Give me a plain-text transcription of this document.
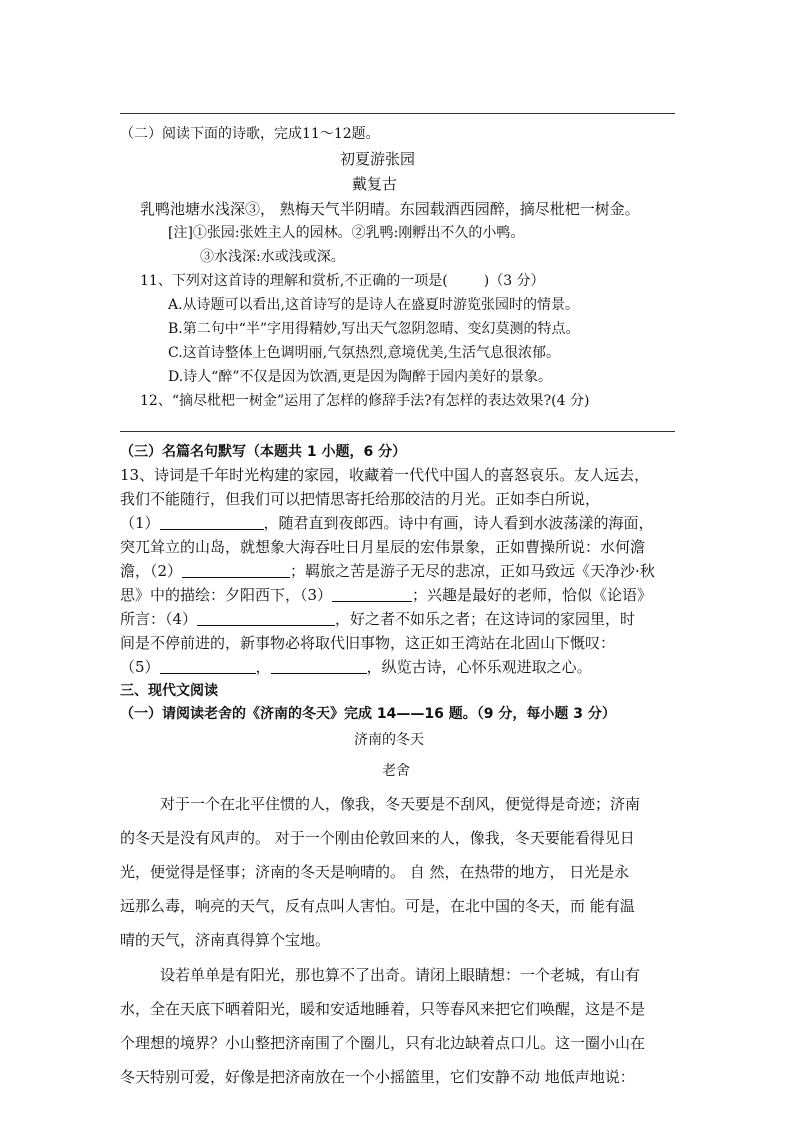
（二）阅读下面的诗歌，完成11～12题。
初夏游张园
戴复古
乳鸭池塘水浅深③， 熟梅天气半阴晴。东园载酒西园醉，摘尽枇杷一树金。
[注]①张园:张姓主人的园林。②乳鸭:刚孵出不久的小鸭。
③水浅深:水或浅或深。
11、下列对这首诗的理解和赏析,不正确的一项是(	)（3 分）
A.从诗题可以看出,这首诗写的是诗人在盛夏时游览张园时的情景。
B.第二句中“半”字用得精妙,写出天气忽阴忽晴、变幻莫测的特点。
C.这首诗整体上色调明丽,气氛热烈,意境优美,生活气息很浓郁。
D.诗人“醉”不仅是因为饮酒,更是因为陶醉于园内美好的景象。
12、“摘尽枇杷一树金”运用了怎样的修辞手法?有怎样的表达效果?(4 分)
（三）名篇名句默写（本题共 1 小题，6 分）
13、诗词是千年时光构建的家园，收藏着一代代中国人的喜怒哀乐。友人远去，
我们不能随行，但我们可以把情思寄托给那皎洁的月光。正如李白所说，
（1）	，随君直到夜郎西。诗中有画，诗人看到水波荡漾的海面，
突兀耸立的山岛，就想象大海吞吐日月星辰的宏伟景象，正如曹操所说：水何澹
澹，（2）	；羁旅之苦是游子无尽的悲凉，正如马致远《天净沙·秋
思》中的描绘：夕阳西下，（3）	；兴趣是最好的老师，恰似《论语》
所言：（4）	，好之者不如乐之者；在这诗词的家园里，时
间是不停前进的，新事物必将取代旧事物，这正如王湾站在北固山下慨叹：
（5）	，	，纵览古诗，心怀乐观进取之心。
三、现代文阅读
（一）请阅读老舍的《济南的冬天》完成 14——16 题。（9 分，每小题 3 分）
济南的冬天
老舍
对于一个在北平住惯的人，像我，冬天要是不刮风，便觉得是奇迹；济南
的冬天是没有风声的。 对于一个刚由伦敦回来的人，像我，冬天要能看得见日
光，便觉得是怪事；济南的冬天是响晴的。 自 然，在热带的地方， 日光是永
远那么毒，响亮的天气，反有点叫人害怕。可是，在北中国的冬天，而 能有温
晴的天气，济南真得算个宝地。
设若单单是有阳光，那也算不了出奇。请闭上眼睛想：一个老城，有山有
水，全在天底下晒着阳光，暖和安适地睡着，只等春风来把它们唤醒，这是不是
个理想的境界？小山整把济南围了个圈儿，只有北边缺着点口儿。这一圈小山在
冬天特别可爱，好像是把济南放在一个小摇篮里，它们安静不动 地低声地说：
